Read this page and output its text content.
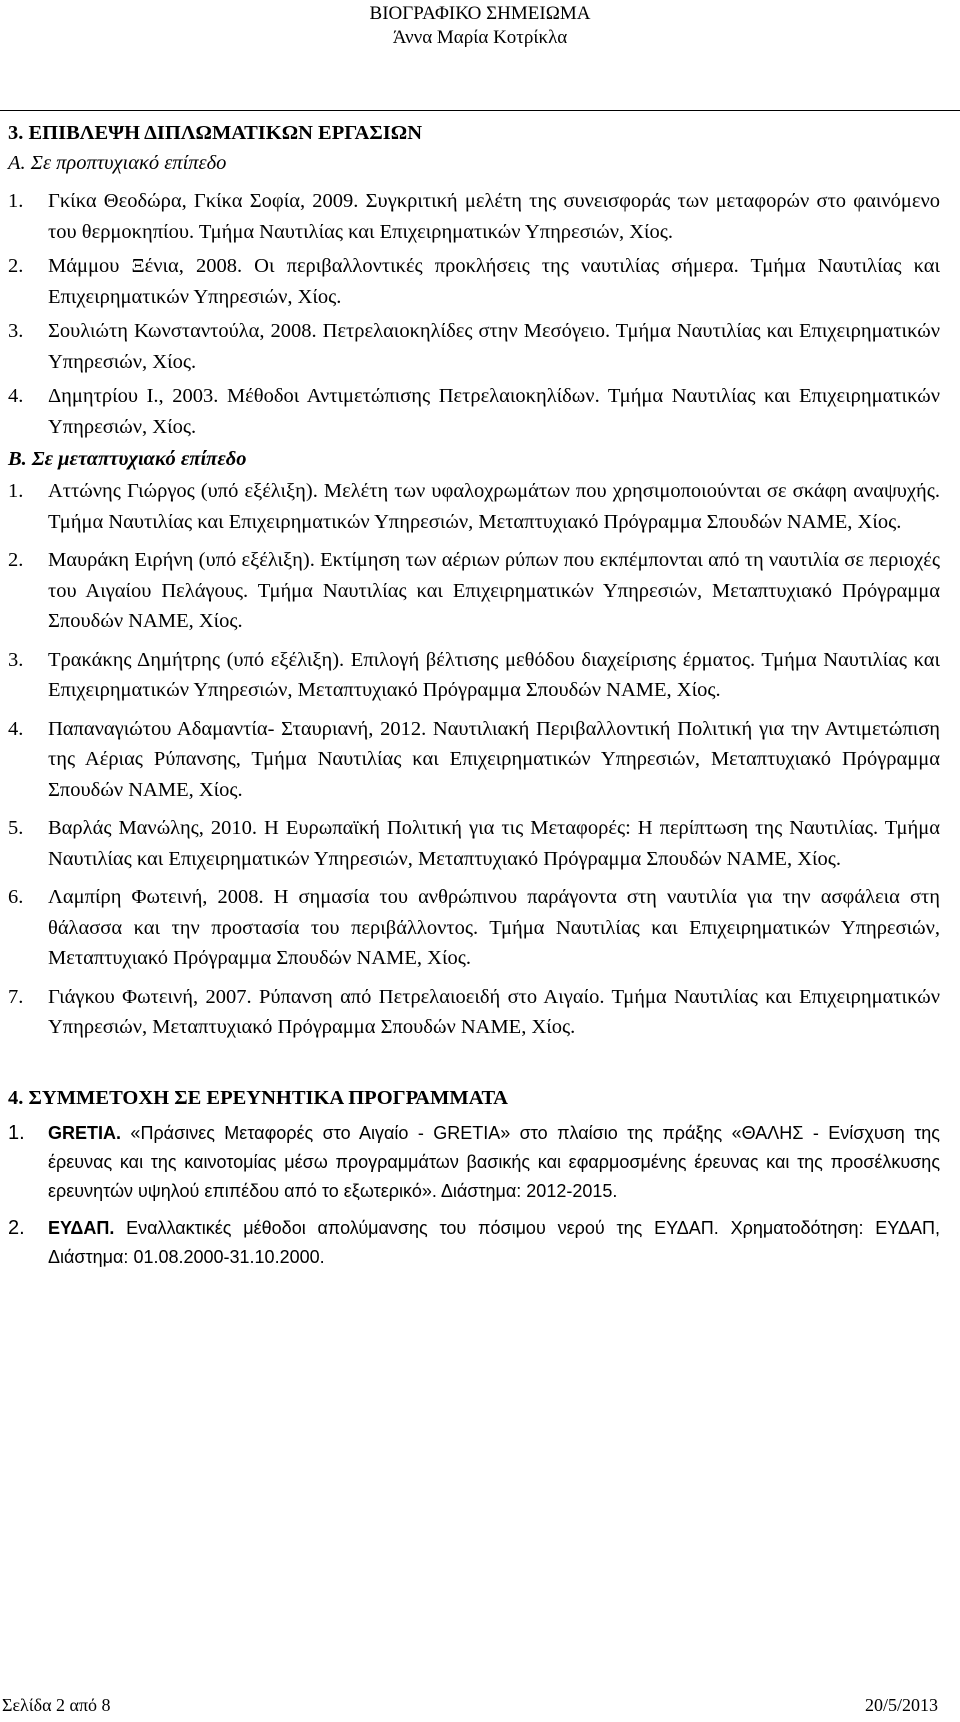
ΒΙΟΓΡΑΦΙΚΟ ΣΗΜΕΙΩΜΑ
Άννα Μαρία Κοτρίκλα

3. ΕΠΙΒΛΕΨΗ ΔΙΠΛΩΜΑΤΙΚΩΝ ΕΡΓΑΣΙΩΝ

Α. Σε προπτυχιακό επίπεδο

1. Γκίκα Θεοδώρα, Γκίκα Σοφία, 2009. Συγκριτική μελέτη της συνεισφοράς των μεταφορών στο φαινόμενο του θερμοκηπίου. Τμήμα Ναυτιλίας και Επιχειρηματικών Υπηρεσιών, Χίος.
2. Μάμμου Ξένια, 2008. Οι περιβαλλοντικές προκλήσεις της ναυτιλίας σήμερα. Τμήμα Ναυτιλίας και Επιχειρηματικών Υπηρεσιών, Χίος.
3. Σουλιώτη Κωνσταντούλα, 2008. Πετρελαιοκηλίδες στην Μεσόγειο. Τμήμα Ναυτιλίας και Επιχειρηματικών Υπηρεσιών, Χίος.
4. Δημητρίου Ι., 2003. Μέθοδοι Αντιμετώπισης Πετρελαιοκηλίδων. Τμήμα Ναυτιλίας και Επιχειρηματικών Υπηρεσιών, Χίος.

Β. Σε μεταπτυχιακό επίπεδο

1. Αττώνης Γιώργος (υπό εξέλιξη). Μελέτη των υφαλοχρωμάτων που χρησιμοποιούνται σε σκάφη αναψυχής. Τμήμα Ναυτιλίας και Επιχειρηματικών Υπηρεσιών, Μεταπτυχιακό Πρόγραμμα Σπουδών ΝΑΜΕ, Χίος.
2. Μαυράκη Ειρήνη (υπό εξέλιξη). Εκτίμηση των αέριων ρύπων που εκπέμπονται από τη ναυτιλία σε περιοχές του Αιγαίου Πελάγους. Τμήμα Ναυτιλίας και Επιχειρηματικών Υπηρεσιών, Μεταπτυχιακό Πρόγραμμα Σπουδών ΝΑΜΕ, Χίος.
3. Τρακάκης Δημήτρης (υπό εξέλιξη). Επιλογή βέλτισης μεθόδου διαχείρισης έρματος. Τμήμα Ναυτιλίας και Επιχειρηματικών Υπηρεσιών, Μεταπτυχιακό Πρόγραμμα Σπουδών ΝΑΜΕ, Χίος.
4. Παπαναγιώτου Αδαμαντία- Σταυριανή, 2012. Ναυτιλιακή Περιβαλλοντική Πολιτική για την Αντιμετώπιση της Αέριας Ρύπανσης, Τμήμα Ναυτιλίας και Επιχειρηματικών Υπηρεσιών, Μεταπτυχιακό Πρόγραμμα Σπουδών ΝΑΜΕ, Χίος.
5. Βαρλάς Μανώλης, 2010. Η Ευρωπαϊκή Πολιτική για τις Μεταφορές: Η περίπτωση της Ναυτιλίας. Τμήμα Ναυτιλίας και Επιχειρηματικών Υπηρεσιών, Μεταπτυχιακό Πρόγραμμα Σπουδών ΝΑΜΕ, Χίος.
6. Λαμπίρη Φωτεινή, 2008. Η σημασία του ανθρώπινου παράγοντα στη ναυτιλία για την ασφάλεια στη θάλασσα και την προστασία του περιβάλλοντος. Τμήμα Ναυτιλίας και Επιχειρηματικών Υπηρεσιών, Μεταπτυχιακό Πρόγραμμα Σπουδών ΝΑΜΕ, Χίος.
7. Γιάγκου Φωτεινή, 2007. Ρύπανση από Πετρελαιοειδή στο Αιγαίο. Τμήμα Ναυτιλίας και Επιχειρηματικών Υπηρεσιών, Μεταπτυχιακό Πρόγραμμα Σπουδών ΝΑΜΕ, Χίος.

4. ΣΥΜΜΕΤΟΧΗ ΣΕ ΕΡΕΥΝΗΤΙΚΑ ΠΡΟΓΡΑΜΜΑΤΑ

1. GRETIA. «Πράσινες Μεταφορές στο Αιγαίο - GRETIA» στο πλαίσιο της πράξης «ΘΑΛΗΣ - Ενίσχυση της έρευνας και της καινοτομίας μέσω προγραμμάτων βασικής και εφαρμοσμένης έρευνας και της προσέλκυσης ερευνητών υψηλού επιπέδου από το εξωτερικό». Διάστημα: 2012-2015.
2. ΕΥΔΑΠ. Εναλλακτικές μέθοδοι απολύμανσης του πόσιμου νερού της ΕΥΔΑΠ. Χρηματοδότηση: ΕΥΔΑΠ, Διάστημα: 01.08.2000-31.10.2000.
Σελίδα 2 από 8	20/5/2013
